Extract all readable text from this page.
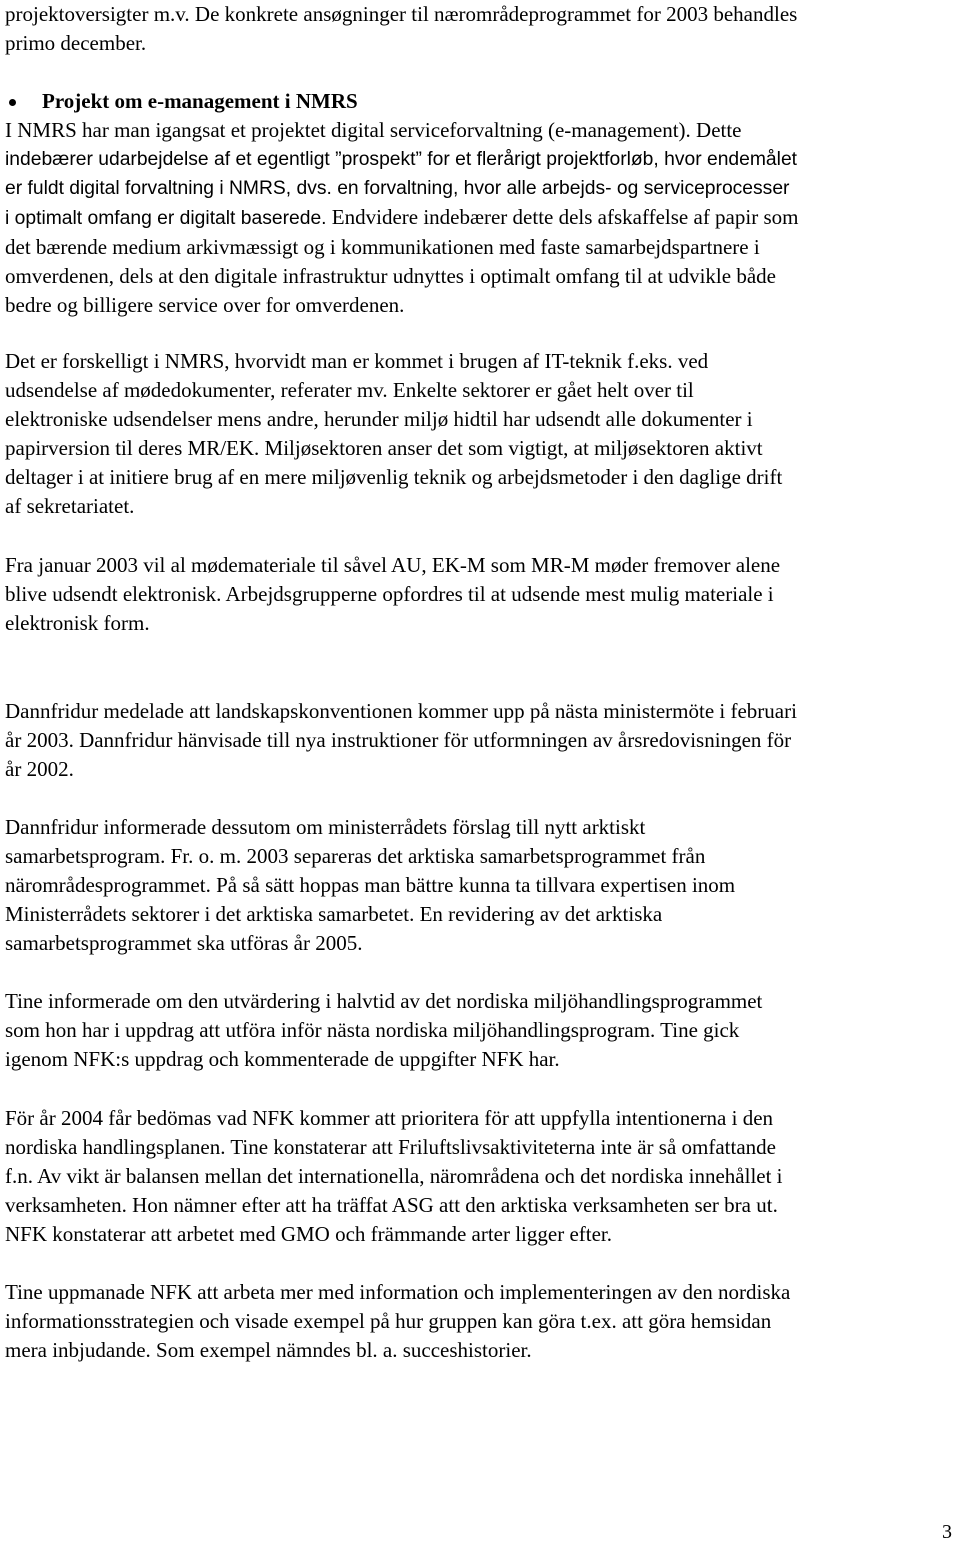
projektoversigter m.v. De konkrete ansøgninger til nærområdeprogrammet for 2003 behandles
primo december.

Projekt om e-management i NMRS

I NMRS har man igangsat et projektet digital serviceforvaltning (e-management). Dette
indebærer udarbejdelse af et egentligt ”prospekt” for et flerårigt projektforløb, hvor endemålet
er fuldt digital forvaltning i NMRS, dvs. en forvaltning, hvor alle arbejds- og serviceprocesser
i optimalt omfang er digitalt baserede. Endvidere indebærer dette dels afskaffelse af papir som
det bærende medium arkivmæssigt og i kommunikationen med faste samarbejdspartnere i
omverdenen, dels at den digitale infrastruktur udnyttes i optimalt omfang til at udvikle både
bedre og billigere service over for omverdenen.

Det er forskelligt i NMRS, hvorvidt man er kommet i brugen af IT-teknik f.eks. ved
udsendelse af mødedokumenter, referater mv. Enkelte sektorer er gået helt over til
elektroniske udsendelser mens andre, herunder miljø hidtil har udsendt alle dokumenter i
papirversion til deres MR/EK. Miljøsektoren anser det som vigtigt, at miljøsektoren aktivt
deltager i at initiere brug af en mere miljøvenlig teknik og arbejdsmetoder i den daglige drift
af sekretariatet.

Fra januar 2003 vil al mødemateriale til såvel AU, EK-M som MR-M møder fremover alene
blive udsendt elektronisk. Arbejdsgrupperne opfordres til at udsende mest mulig materiale i
elektronisk form.

Dannfridur medelade att landskapskonventionen kommer upp på nästa ministermöte i februari
år 2003. Dannfridur hänvisade till nya instruktioner för utformningen av årsredovisningen för
år 2002.

Dannfridur informerade dessutom om ministerrådets förslag till nytt arktiskt
samarbetsprogram. Fr. o. m. 2003 separeras det arktiska samarbetsprogrammet från
närområdesprogrammet. På så sätt hoppas man bättre kunna ta tillvara expertisen inom
Ministerrådets sektorer i det arktiska samarbetet. En revidering av det arktiska
samarbetsprogrammet ska utföras år 2005.

Tine informerade om den utvärdering i halvtid av det nordiska miljöhandlingsprogrammet
som hon har i uppdrag att utföra inför nästa nordiska miljöhandlingsprogram. Tine gick
igenom NFK:s uppdrag och kommenterade de uppgifter NFK har.

För år 2004 får bedömas vad NFK kommer att prioritera för att uppfylla intentionerna i den
nordiska handlingsplanen. Tine konstaterar att Friluftslivsaktiviteterna inte är så omfattande
f.n. Av vikt är balansen mellan det internationella, närområdena och det nordiska innehållet i
verksamheten. Hon nämner efter att ha träffat ASG att den arktiska verksamheten ser bra ut.
NFK konstaterar att arbetet med GMO och främmande arter ligger efter.

Tine uppmanade NFK att arbeta mer med information och implementeringen av den nordiska
informationsstrategien och visade exempel på hur gruppen kan göra t.ex. att göra hemsidan
mera inbjudande. Som exempel nämndes bl. a. succeshistorier.

3
